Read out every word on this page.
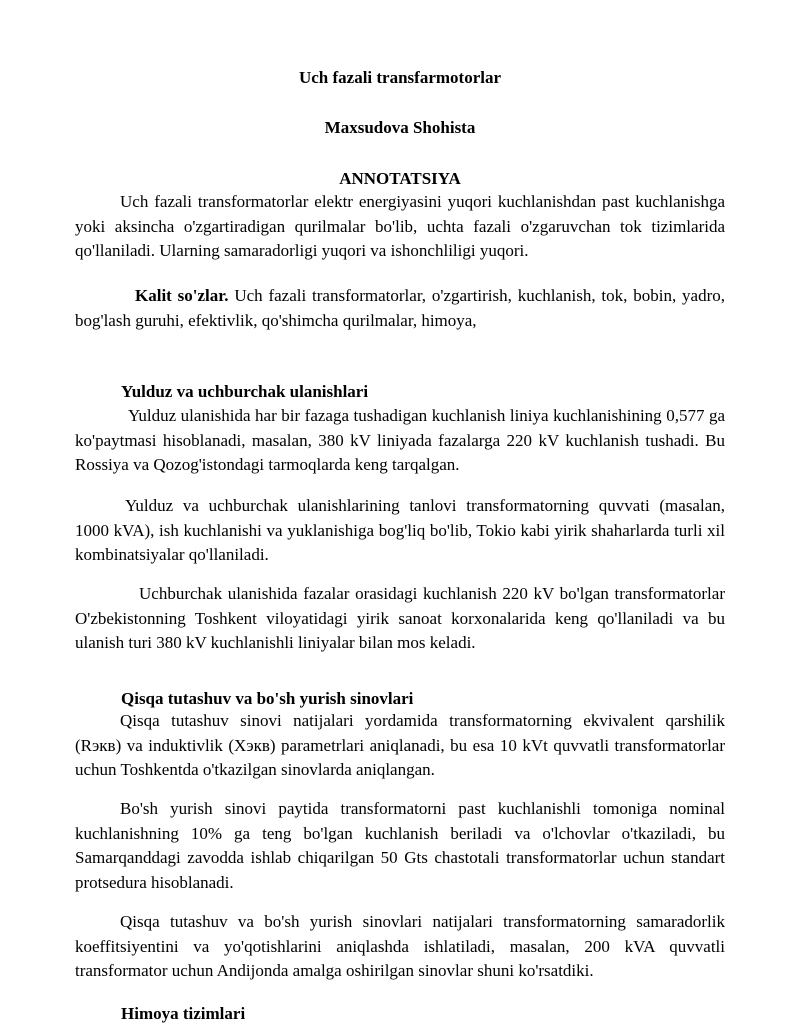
Uch fazali transfarmotorlar
Maxsudova Shohista
ANNOTATSIYA
Uch fazali transformatorlar elektr energiyasini yuqori kuchlanishdan past kuchlanishga yoki aksincha o'zgartiradigan qurilmalar bo'lib, uchta fazali o'zgaruvchan tok tizimlarida qo'llaniladi. Ularning samaradorligi yuqori va ishonchliligi yuqori.
Kalit so'zlar. Uch fazali transformatorlar, o'zgartirish, kuchlanish, tok, bobin, yadro, bog'lash guruhi, efektivlik, qo'shimcha qurilmalar, himoya,
Yulduz va uchburchak ulanishlari
Yulduz ulanishida har bir fazaga tushadigan kuchlanish liniya kuchlanishining 0,577 ga ko'paytmasi hisoblanadi, masalan, 380 kV liniyada fazalarga 220 kV kuchlanish tushadi. Bu Rossiya va Qozog'istondagi tarmoqlarda keng tarqalgan.
Yulduz va uchburchak ulanishlarining tanlovi transformatorning quvvati (masalan, 1000 kVA), ish kuchlanishi va yuklanishiga bog'liq bo'lib, Tokio kabi yirik shaharlarda turli xil kombinatsiyalar qo'llaniladi.
Uchburchak ulanishida fazalar orasidagi kuchlanish 220 kV bo'lgan transformatorlar O'zbekistonning Toshkent viloyatidagi yirik sanoat korxonalarida keng qo'llaniladi va bu ulanish turi 380 kV kuchlanishli liniyalar bilan mos keladi.
Qisqa tutashuv va bo'sh yurish sinovlari
Qisqa tutashuv sinovi natijalari yordamida transformatorning ekvivalent qarshilik (Rэкв) va induktivlik (Xэкв) parametrlari aniqlanadi, bu esa 10 kVt quvvatli transformatorlar uchun Toshkentda o'tkazilgan sinovlarda aniqlangan.
Bo'sh yurish sinovi paytida transformatorni past kuchlanishli tomoniga nominal kuchlanishning 10% ga teng bo'lgan kuchlanish beriladi va o'lchovlar o'tkaziladi, bu Samarqanddagi zavodda ishlab chiqarilgan 50 Gts chastotali transformatorlar uchun standart protsedura hisoblanadi.
Qisqa tutashuv va bo'sh yurish sinovlari natijalari transformatorning samaradorlik koeffitsiyentini va yo'qotishlarini aniqlashda ishlatiladi, masalan, 200 kVA quvvatli transformator uchun Andijonda amalga oshirilgan sinovlar shuni ko'rsatdiki.
Himoya tizimlari
